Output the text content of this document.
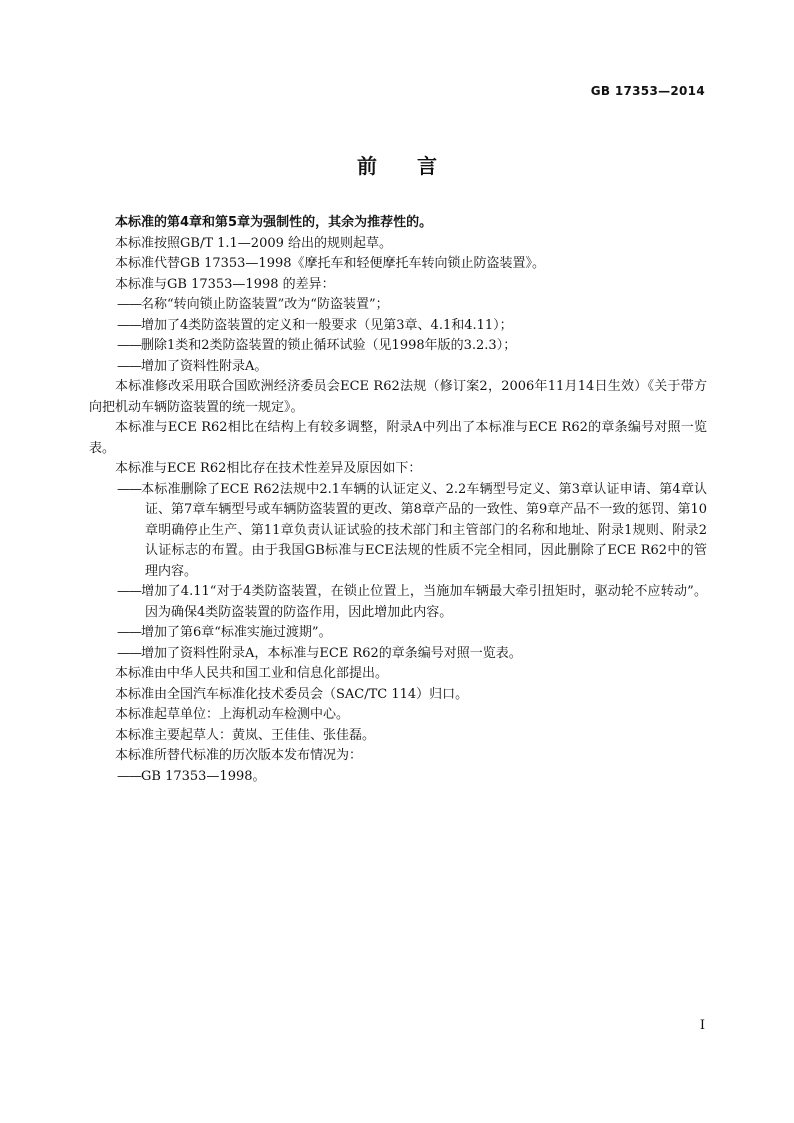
GB 17353—2014
前言

本标准的第4章和第5章为强制性的，其余为推荐性的。

本标准按照GB/T 1.1—2009 给出的规则起草。

本标准代替GB 17353—1998《摩托车和轻便摩托车转向锁止防盗装置》。

本标准与GB 17353—1998 的差异：

—— 名称“转向锁止防盗装置”改为“防盗装置”；

—— 增加了4类防盗装置的定义和一般要求（见第3章、4.1和4.11）；

—— 删除1类和2类防盗装置的锁止循环试验（见1998年版的3.2.3）；

—— 增加了资料性附录A。

本标准修改采用联合国欧洲经济委员会ECE R62法规（修订案2，2006年11月14日生效）《关于带方向把机动车辆防盗装置的统一规定》。

本标准与ECE R62相比在结构上有较多调整，附录A中列出了本标准与ECE R62的章条编号对照一览表。

本标准与ECE R62相比存在技术性差异及原因如下：

—— 本标准删除了ECE R62法规中2.1车辆的认证定义、2.2车辆型号定义、第3章认证申请、第4章认证、第7章车辆型号或车辆防盗装置的更改、第8章产品的一致性、第9章产品不一致的惩罚、第10章明确停止生产、第11章负责认证试验的技术部门和主管部门的名称和地址、附录1规则、附录2认证标志的布置。由于我国GB标准与ECE法规的性质不完全相同，因此删除了ECE R62中的管理内容。

—— 增加了4.11“对于4类防盗装置，在锁止位置上，当施加车辆最大牵引扭矩时，驱动轮不应转动”。因为确保4类防盗装置的防盗作用，因此增加此内容。

—— 增加了第6章“标准实施过渡期”。

—— 增加了资料性附录A，本标准与ECE R62的章条编号对照一览表。

本标准由中华人民共和国工业和信息化部提出。

本标准由全国汽车标准化技术委员会（SAC/TC 114）归口。

本标准起草单位：上海机动车检测中心。

本标准主要起草人：黄岚、王佳佳、张佳磊。

本标准所替代标准的历次版本发布情况为：

—— GB 17353—1998。

I
